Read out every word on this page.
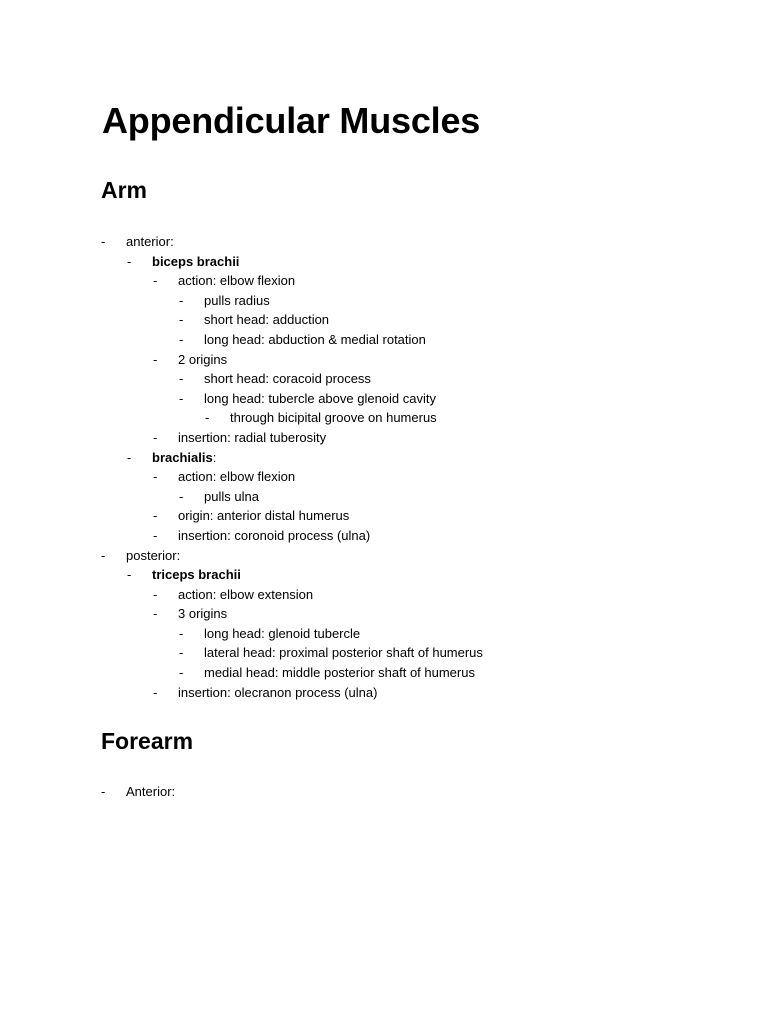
Appendicular Muscles
Arm
- anterior:
- biceps brachii
- action: elbow flexion
- pulls radius
- short head: adduction
- long head: abduction & medial rotation
- 2 origins
- short head: coracoid process
- long head: tubercle above glenoid cavity
- through bicipital groove on humerus
- insertion: radial tuberosity
- brachialis:
- action: elbow flexion
- pulls ulna
- origin: anterior distal humerus
- insertion: coronoid process (ulna)
- posterior:
- triceps brachii
- action: elbow extension
- 3 origins
- long head: glenoid tubercle
- lateral head: proximal posterior shaft of humerus
- medial head: middle posterior shaft of humerus
- insertion: olecranon process (ulna)
Forearm
- Anterior:
